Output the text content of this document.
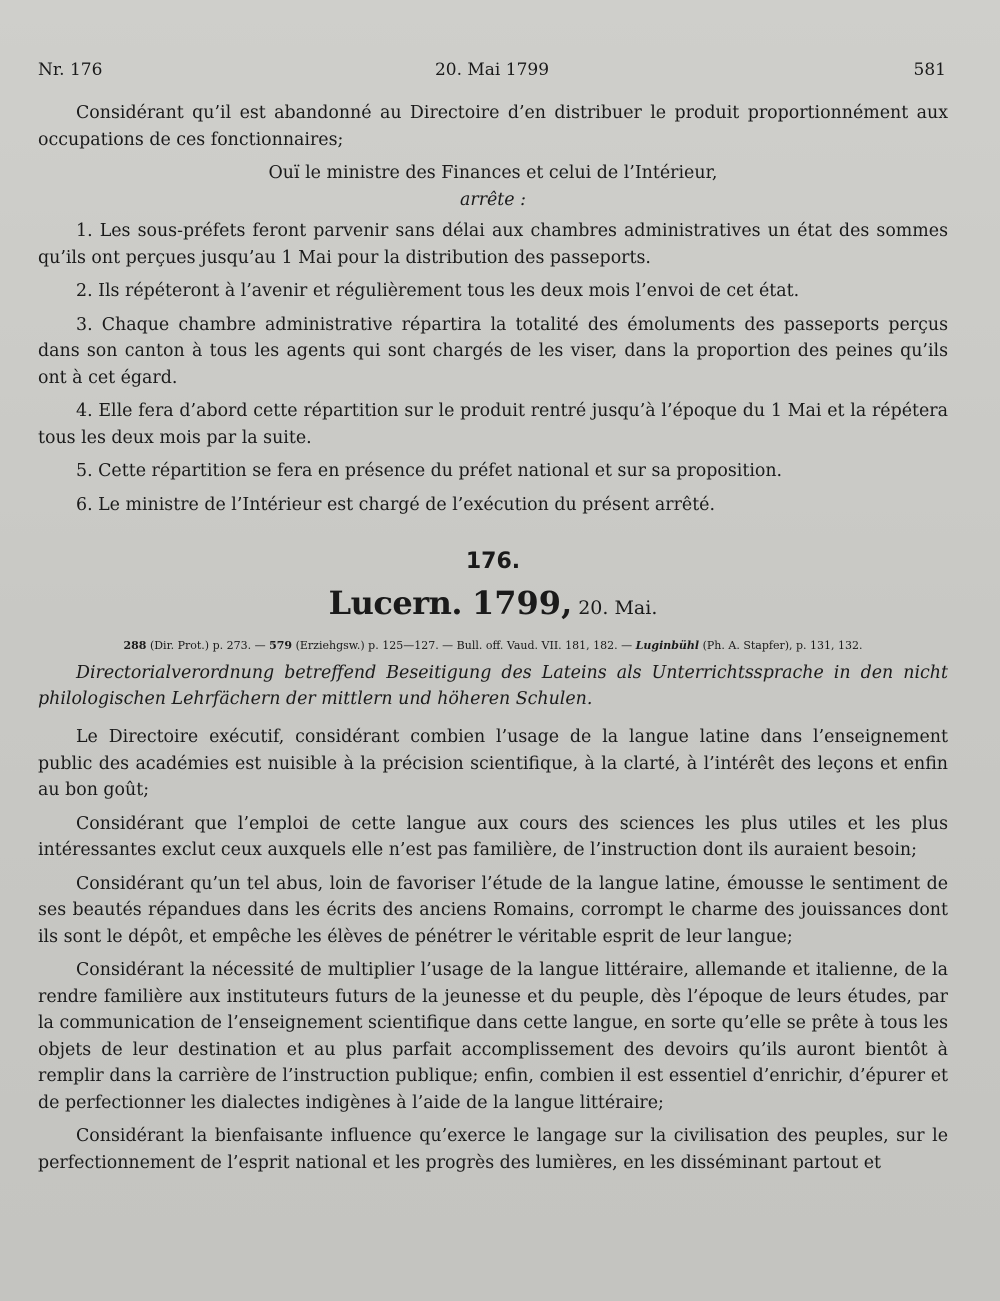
Nr. 176	20. Mai 1799	581

Considérant qu’il est abandonné au Directoire d’en distribuer le produit proportionnément aux occupations de ces fonctionnaires;

Ouï le ministre des Finances et celui de l’Intérieur,

arrête :

1. Les sous-préfets feront parvenir sans délai aux chambres administratives un état des sommes qu’ils ont perçues jusqu’au 1 Mai pour la distribution des passeports.

2. Ils répéteront à l’avenir et régulièrement tous les deux mois l’envoi de cet état.

3. Chaque chambre administrative répartira la totalité des émoluments des passeports perçus dans son canton à tous les agents qui sont chargés de les viser, dans la proportion des peines qu’ils ont à cet égard.

4. Elle fera d’abord cette répartition sur le produit rentré jusqu’à l’époque du 1 Mai et la répétera tous les deux mois par la suite.

5. Cette répartition se fera en présence du préfet national et sur sa proposition.

6. Le ministre de l’Intérieur est chargé de l’exécution du présent arrêté.

176.
Lucern. 1799, 20. Mai.
288 (Dir. Prot.) p. 273. — 579 (Erziehgsw.) p. 125—127. — Bull. off. Vaud. VII. 181, 182. — Luginbühl (Ph. A. Stapfer), p. 131, 132.

Directorialverordnung betreffend Beseitigung des Lateins als Unterrichtssprache in den nicht philologischen Lehrfächern der mittlern und höheren Schulen.

Le Directoire exécutif, considérant combien l’usage de la langue latine dans l’enseignement public des académies est nuisible à la précision scientifique, à la clarté, à l’intérêt des leçons et enfin au bon goût;

Considérant que l’emploi de cette langue aux cours des sciences les plus utiles et les plus intéressantes exclut ceux auxquels elle n’est pas familière, de l’instruction dont ils auraient besoin;

Considérant qu’un tel abus, loin de favoriser l’étude de la langue latine, émousse le sentiment de ses beautés répandues dans les écrits des anciens Romains, corrompt le charme des jouissances dont ils sont le dépôt, et empêche les élèves de pénétrer le véritable esprit de leur langue;

Considérant la nécessité de multiplier l’usage de la langue littéraire, allemande et italienne, de la rendre familière aux instituteurs futurs de la jeunesse et du peuple, dès l’époque de leurs études, par la communication de l’enseignement scientifique dans cette langue, en sorte qu’elle se prête à tous les objets de leur destination et au plus parfait accomplissement des devoirs qu’ils auront bientôt à remplir dans la carrière de l’instruction publique; enfin, combien il est essentiel d’enrichir, d’épurer et de perfectionner les dialectes indigènes à l’aide de la langue littéraire;

Considérant la bienfaisante influence qu’exerce le langage sur la civilisation des peuples, sur le perfectionnement de l’esprit national et les progrès des lumières, en les disséminant partout et
